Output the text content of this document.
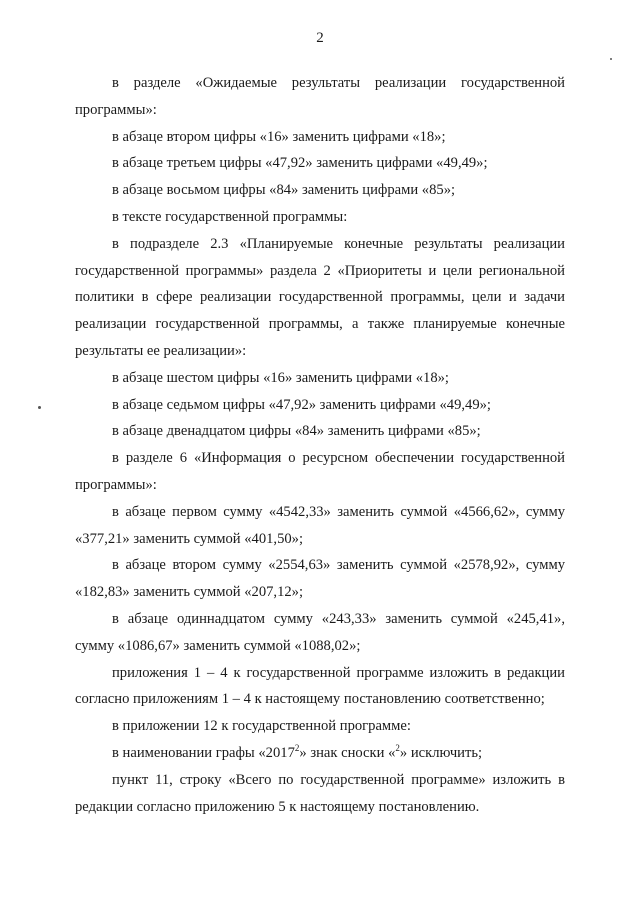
2

в разделе «Ожидаемые результаты реализации государственной программы»:

в абзаце втором цифры «16» заменить цифрами «18»;

в абзаце третьем цифры «47,92» заменить цифрами «49,49»;

в абзаце восьмом цифры «84» заменить цифрами «85»;

в тексте государственной программы:

в подразделе 2.3 «Планируемые конечные результаты реализации государственной программы» раздела 2 «Приоритеты и цели региональной политики в сфере реализации государственной программы, цели и задачи реализации государственной программы, а также планируемые конечные результаты ее реализации»:

в абзаце шестом цифры «16» заменить цифрами «18»;

в абзаце седьмом цифры «47,92» заменить цифрами «49,49»;

в абзаце двенадцатом цифры «84» заменить цифрами «85»;

в разделе 6 «Информация о ресурсном обеспечении государственной программы»:

в абзаце первом сумму «4542,33» заменить суммой «4566,62», сумму «377,21» заменить суммой «401,50»;

в абзаце втором сумму «2554,63» заменить суммой «2578,92», сумму «182,83» заменить суммой «207,12»;

в абзаце одиннадцатом сумму «243,33» заменить суммой «245,41», сумму «1086,67» заменить суммой «1088,02»;

приложения 1 – 4 к государственной программе изложить в редакции согласно приложениям 1 – 4 к настоящему постановлению соответственно;

в приложении 12 к государственной программе:

в наименовании графы «2017$^2$» знак сноски «$^2$» исключить;

пункт 11, строку «Всего по государственной программе» изложить в редакции согласно приложению 5 к настоящему постановлению.
